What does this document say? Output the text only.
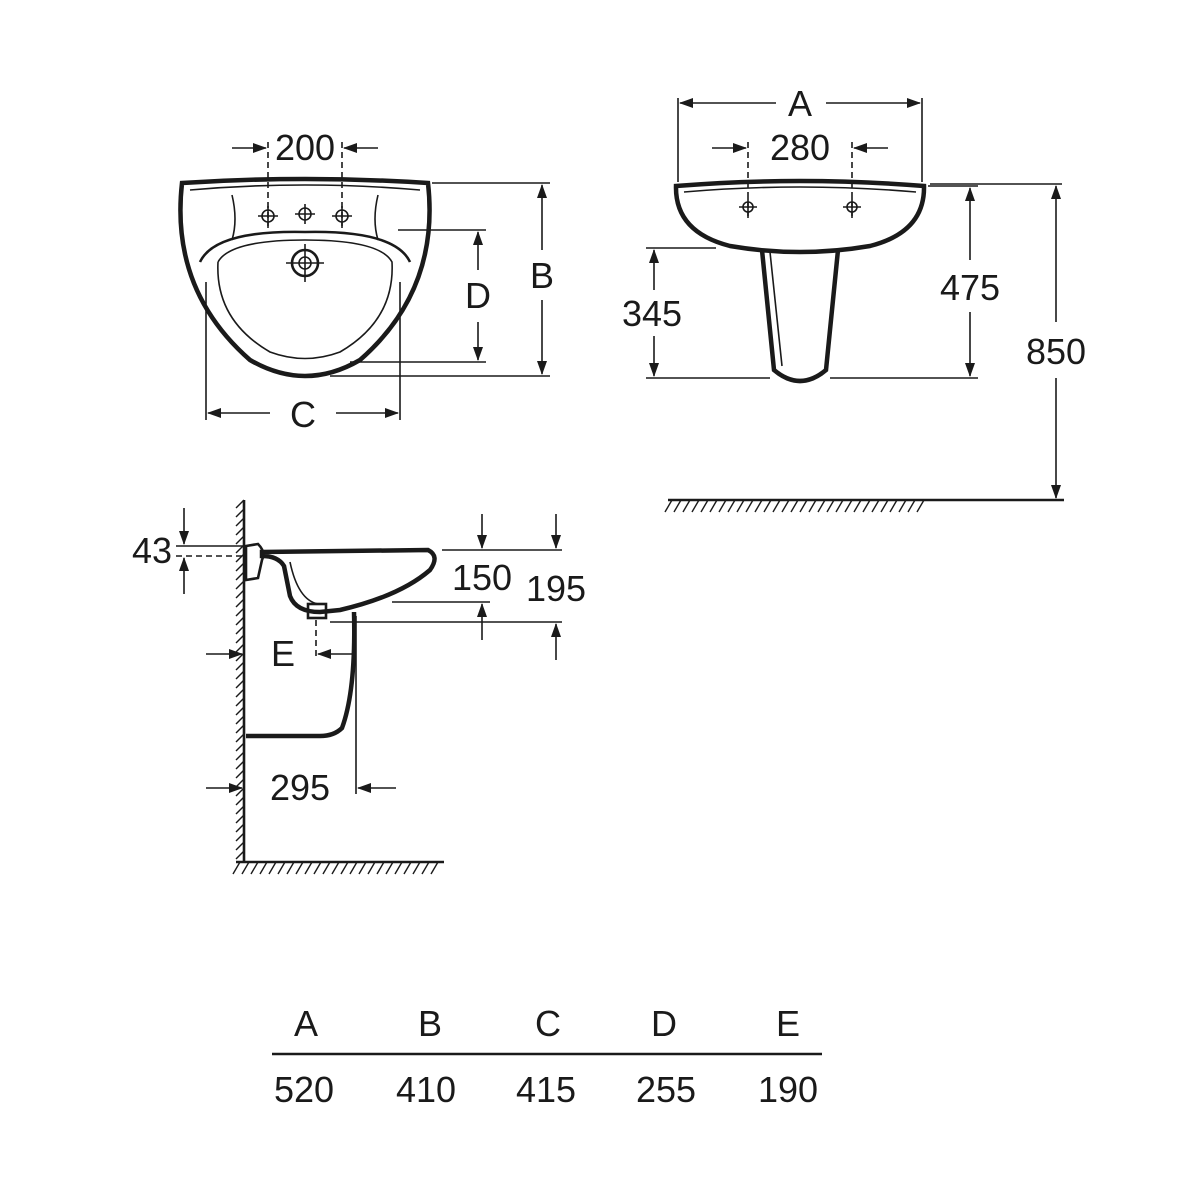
200
C
D B
A
280
345
475
850
43
150 195
E
295
A	B	C	D	E
520 410 415 255 190
